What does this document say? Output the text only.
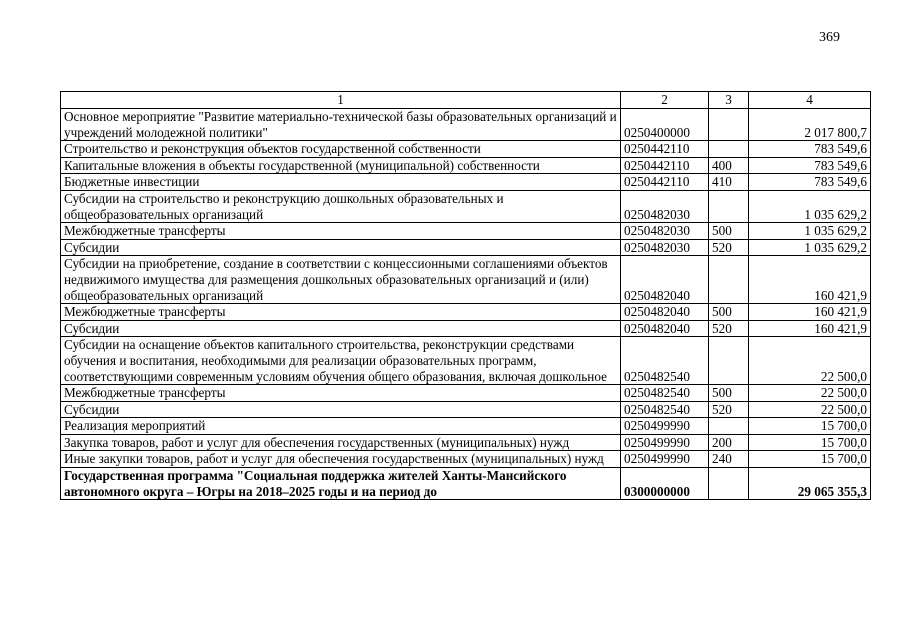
369
1	2	3	4
Основное мероприятие "Развитие материально-технической базы образовательных организаций и учреждений молодежной политики"	0250400000		2 017 800,7
Строительство и реконструкция объектов государственной собственности	0250442110		783 549,6
Капитальные вложения в объекты государственной (муниципальной) собственности	0250442110	400	783 549,6
Бюджетные инвестиции	0250442110	410	783 549,6
Субсидии на строительство и реконструкцию дошкольных образовательных и общеобразовательных организаций	0250482030		1 035 629,2
Межбюджетные трансферты	0250482030	500	1 035 629,2
Субсидии	0250482030	520	1 035 629,2
Субсидии на приобретение, создание в соответствии с концессионными соглашениями объектов недвижимого имущества для размещения дошкольных образовательных организаций и (или) общеобразовательных организаций	0250482040		160 421,9
Межбюджетные трансферты	0250482040	500	160 421,9
Субсидии	0250482040	520	160 421,9
Субсидии на оснащение объектов капитального строительства, реконструкции средствами обучения и воспитания, необходимыми для реализации образовательных программ, соответствующими современным условиям обучения общего образования, включая дошкольное	0250482540		22 500,0
Межбюджетные трансферты	0250482540	500	22 500,0
Субсидии	0250482540	520	22 500,0
Реализация мероприятий	0250499990		15 700,0
Закупка товаров, работ и услуг для обеспечения государственных (муниципальных) нужд	0250499990	200	15 700,0
Иные закупки товаров, работ и услуг для обеспечения государственных (муниципальных) нужд	0250499990	240	15 700,0
Государственная программа "Социальная поддержка жителей Ханты-Мансийского автономного округа – Югры на 2018–2025 годы и на период до	0300000000		29 065 355,3
